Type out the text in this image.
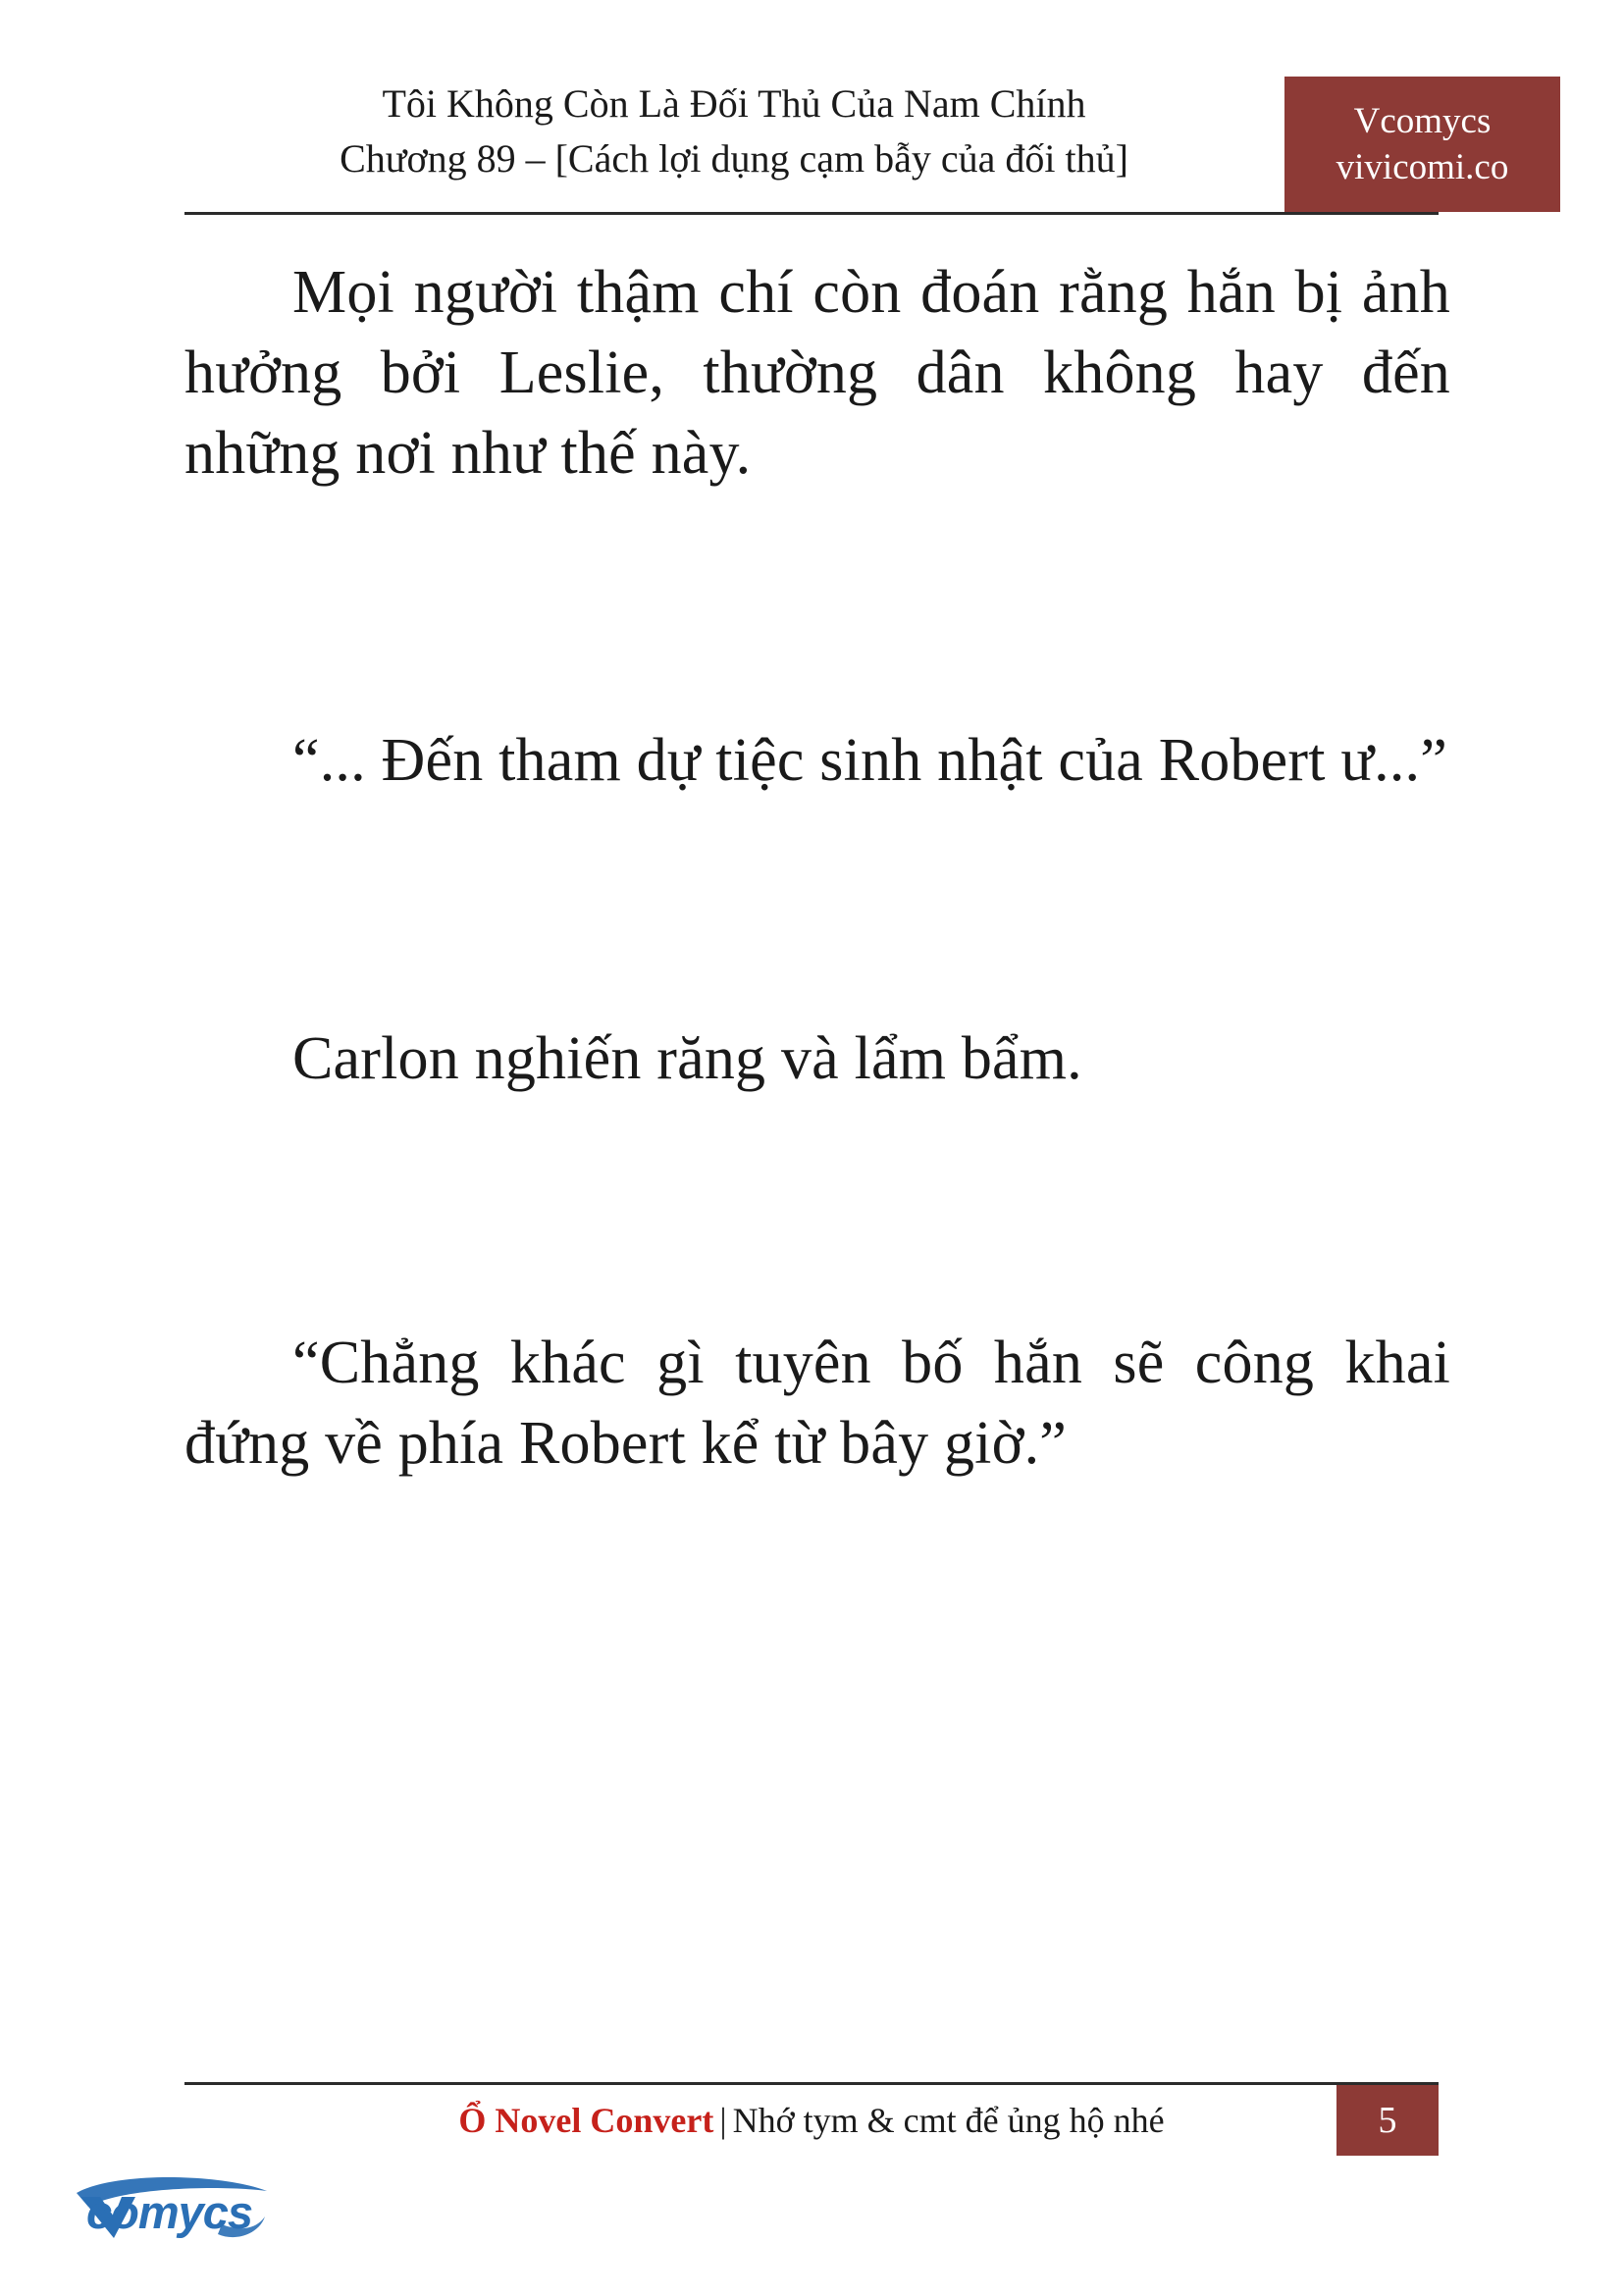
Tôi Không Còn Là Đối Thủ Của Nam Chính
Chương 89 – [Cách lợi dụng cạm bẫy của đối thủ]
Vcomycs
vivicomi.co

Mọi người thậm chí còn đoán rằng hắn bị ảnh hưởng bởi Leslie, thường dân không hay đến những nơi như thế này.

“... Đến tham dự tiệc sinh nhật của Robert ư...”

Carlon nghiến răng và lẩm bẩm.

“Chẳng khác gì tuyên bố hắn sẽ công khai đứng về phía Robert kể từ bây giờ.”

Ổ Novel Convert | Nhớ tym & cmt để ủng hộ nhé	5
comycs
